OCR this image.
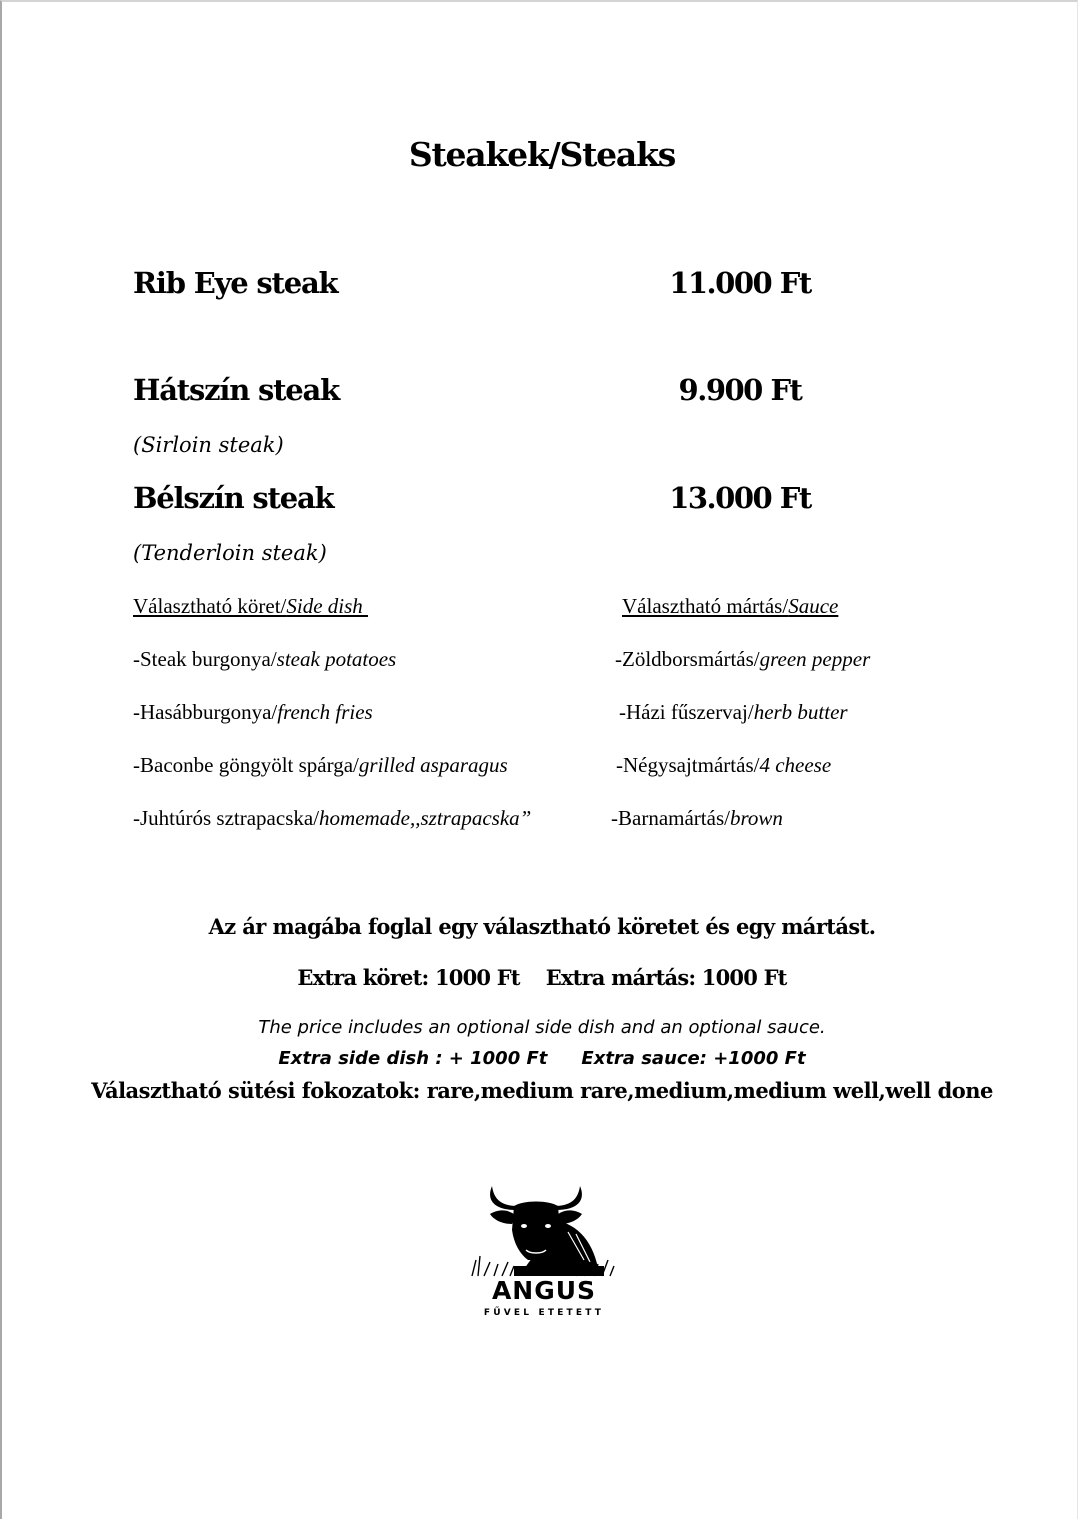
Steakek/Steaks
Rib Eye steak	11.000 Ft
Hátszín steak	9.900 Ft
(Sirloin steak)
Bélszín steak	13.000 Ft
(Tenderloin steak)
Választható köret/Side dish
-Steak burgonya/steak potatoes
-Hasábburgonya/french fries
-Baconbe göngyölt spárga/grilled asparagus
-Juhtúrós sztrapacska/homemade,,sztrapacska”
Választható mártás/Sauce
-Zöldborsmártás/green pepper
-Házi fűszervaj/herb butter
-Négysajtmártás/4 cheese
-Barnamártás/brown
Az ár magába foglal egy választható köretet és egy mártást.
Extra köret: 1000 Ft Extra mártás: 1000 Ft
The price includes an optional side dish and an optional sauce.
Extra side dish : + 1000 Ft Extra sauce: +1000 Ft
Választható sütési fokozatok: rare,medium rare,medium,medium well,well done
ANGUS
FŰVEL ETETETT
